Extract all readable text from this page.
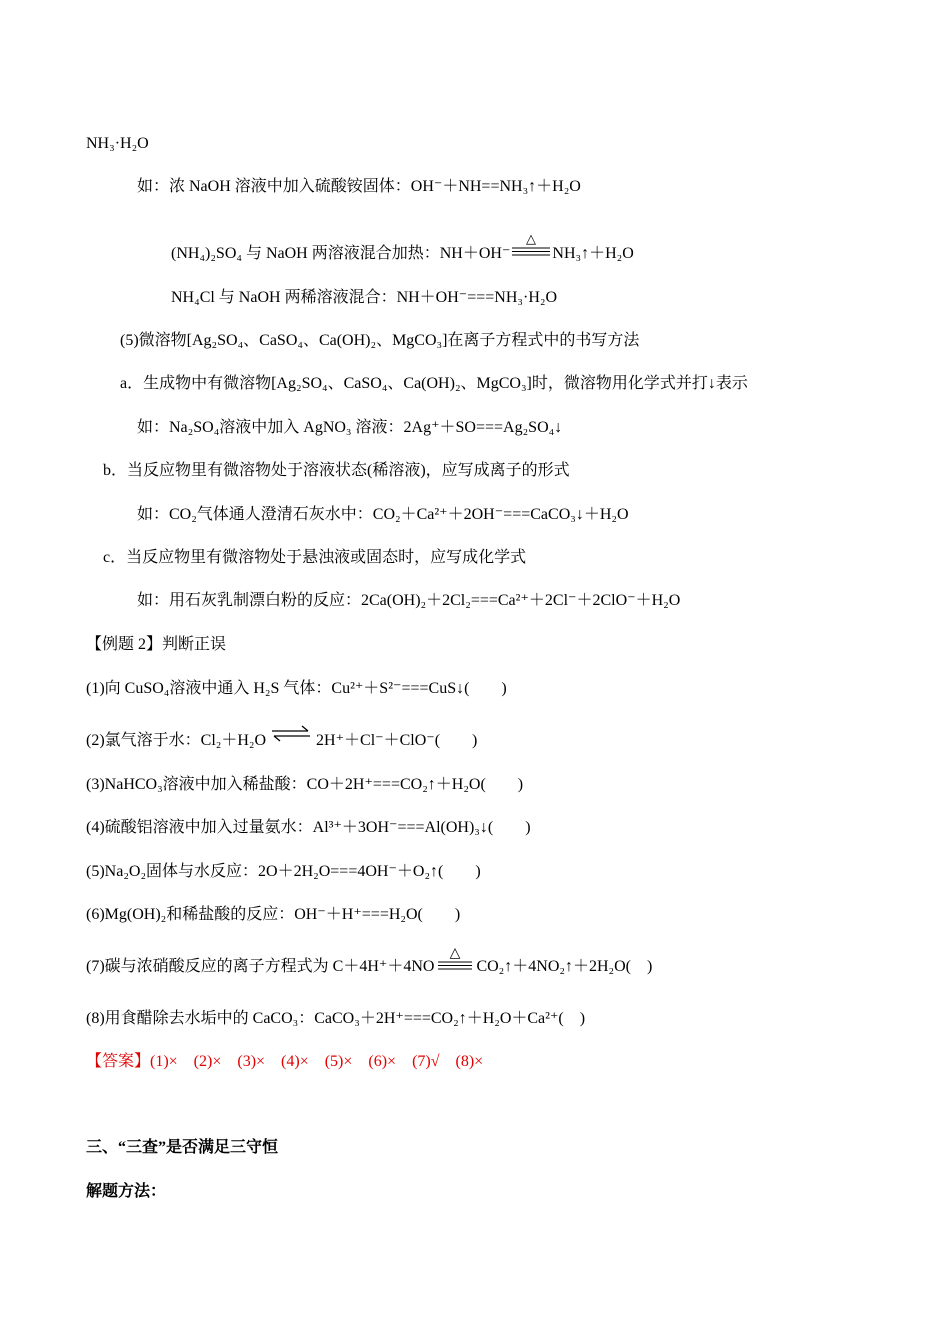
NH₃·H₂O
如：浓 NaOH 溶液中加入硫酸铵固体：OH⁻＋NH==NH₃↑＋H₂O
(NH₄)₂SO₄ 与 NaOH 两溶液混合加热：NH＋OH⁻
△
NH₃↑＋H₂O
NH₄Cl 与 NaOH 两稀溶液混合：NH＋OH⁻===NH₃·H₂O
(5)微溶物[Ag₂SO₄、CaSO₄、Ca(OH)₂、MgCO₃]在离子方程式中的书写方法
a．生成物中有微溶物[Ag₂SO₄、CaSO₄、Ca(OH)₂、MgCO₃]时，微溶物用化学式并打↓表示
如：Na₂SO₄溶液中加入 AgNO₃ 溶液：2Ag⁺＋SO===Ag₂SO₄↓
b．当反应物里有微溶物处于溶液状态(稀溶液)，应写成离子的形式
如：CO₂气体通人澄清石灰水中：CO₂＋Ca²⁺＋2OH⁻===CaCO₃↓＋H₂O
c．当反应物里有微溶物处于悬浊液或固态时，应写成化学式
如：用石灰乳制漂白粉的反应：2Ca(OH)₂＋2Cl₂===Ca²⁺＋2Cl⁻＋2ClO⁻＋H₂O
【例题 2】判断正误
(1)向 CuSO₄溶液中通入 H₂S 气体：Cu²⁺＋S²⁻===CuS↓(　　)
(2)氯气溶于水：Cl₂＋H₂O ⇌ 2H⁺＋Cl⁻＋ClO⁻(　　)
(3)NaHCO₃溶液中加入稀盐酸：CO＋2H⁺===CO₂↑＋H₂O(　　)
(4)硫酸铝溶液中加入过量氨水：Al³⁺＋3OH⁻===Al(OH)₃↓(　　)
(5)Na₂O₂固体与水反应：2O＋2H₂O===4OH⁻＋O₂↑(　　)
(6)Mg(OH)₂和稀盐酸的反应：OH⁻＋H⁺===H₂O(　　)
(7)碳与浓硝酸反应的离子方程式为 C＋4H⁺＋4NO
△
CO₂↑＋4NO₂↑＋2H₂O(　)
(8)用食醋除去水垢中的 CaCO₃：CaCO₃＋2H⁺===CO₂↑＋H₂O＋Ca²⁺(　)
【答案】(1)×　(2)×　(3)×　(4)×　(5)×　(6)×　(7)√　(8)×
三、“三查”是否满足三守恒
解题方法：
